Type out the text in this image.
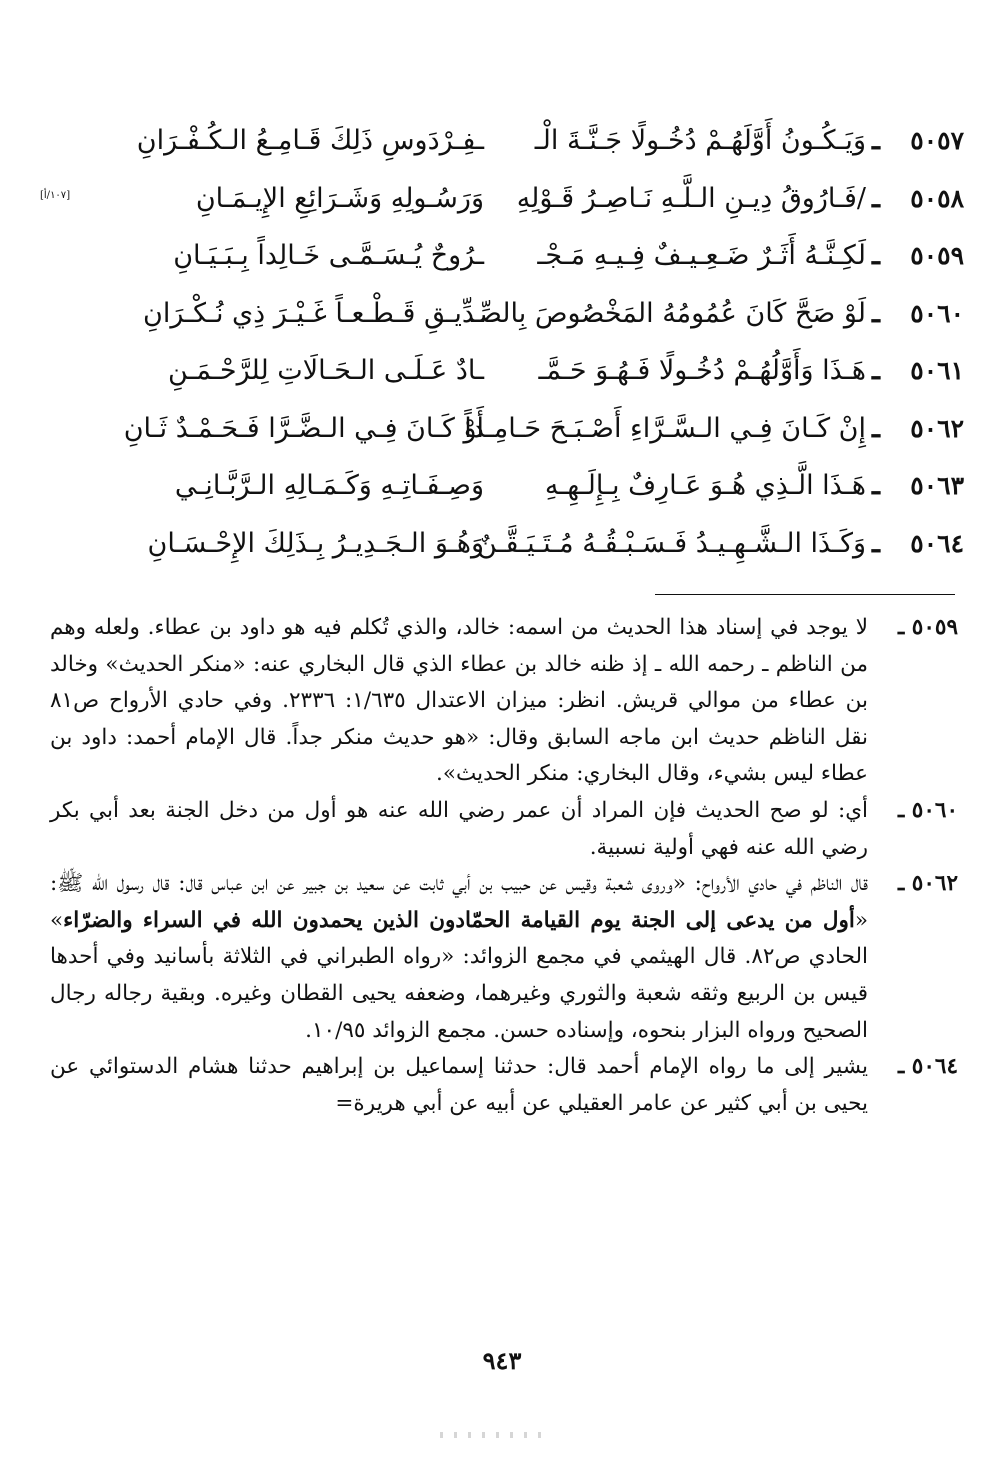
٥٠٥٧
ـ
وَيَـكُـونُ أَوَّلَهُـمْ دُخُـولًا جَـنَّـةَ الْـ
ـفِـرْدَوسِ ذَلِكَ قَـامِـعُ الـكُـفْـرَانِ
٥٠٥٨
ـ
/فَـارُوقُ دِيـنِ الـلَّـهِ نَـاصِـرُ قَـوْلِهِ
وَرَسُـولِهِ وَشَـرَائِعِ الإِيـمَـانِ
٥٠٥٩
ـ
لَكِـنَّـهُ أَثَـرٌ ضَـعِـيـفٌ فِـيـهِ مَـجْـ
ـرُوحٌ يُـسَـمَّـى خَـالِداً بِـبَـيَـانِ
٥٠٦٠
ـ
لَوْ صَحَّ كَانَ عُمُومُهُ المَخْصُوصَ بِالصِّـ
ـدِّيـقِ قَـطْـعـاً غَـيْـرَ ذِي نُـكْـرَانِ
٥٠٦١
ـ
هَـذَا وَأَوَّلُهُـمْ دُخُـولًا فَـهُـوَ حَـمَّـ
ـادٌ عَـلَـى الـحَـالَاتِ لِلرَّحْـمَـنِ
٥٠٦٢
ـ
إِنْ كَـانَ فِـي الـسَّـرَّاءِ أَصْـبَـحَ حَـامِـداً
أَوْ كَـانَ فِـي الـضَّـرَّا فَـحَـمْـدٌ ثَـانِ
٥٠٦٣
ـ
هَـذَا الَّـذِي هُـوَ عَـارِفٌ بِـإِلَـهِـهِ
وَصِـفَـاتِـهِ وَكَـمَـالِهِ الـرَّبَّـانِـي
٥٠٦٤
ـ
وَكَـذَا الـشَّـهِـيـدُ فَـسَـبْـقُـهُ مُـتَـيَـقَّـنٌ
وَهُـوَ الـجَـدِيـرُ بِـذَلِكَ الإِحْـسَـانِ
[١٠٧/أ]
٥٠٥٩ ـ
لا يوجد في إسناد هذا الحديث من اسمه: خالد، والذي تُكلم فيه هو داود بن عطاء. ولعله وهم من الناظم ـ رحمه الله ـ إذ ظنه خالد بن عطاء الذي قال البخاري عنه: «منكر الحديث» وخالد بن عطاء من موالي قريش. انظر: ميزان الاعتدال ١/٦٣٥: ٢٣٣٦. وفي حادي الأرواح ص٨١ نقل الناظم حديث ابن ماجه السابق وقال: «هو حديث منكر جداً. قال الإمام أحمد: داود بن عطاء ليس بشيء، وقال البخاري: منكر الحديث».
٥٠٦٠ ـ
أي: لو صح الحديث فإن المراد أن عمر رضي الله عنه هو أول من دخل الجنة بعد أبي بكر رضي الله عنه فهي أولية نسبية.
٥٠٦٢ ـ
قال الناظم في حادي الأرواح: «وروى شعبة وقيس عن حبيب بن أبي ثابت عن سعيد بن جبير عن ابن عباس قال: قال رسول الله ﷺ: «أول من يدعى إلى الجنة يوم القيامة الحمّادون الذين يحمدون الله في السراء والضرّاء» الحادي ص٨٢. قال الهيثمي في مجمع الزوائد: «رواه الطبراني في الثلاثة بأسانيد وفي أحدها قيس بن الربيع وثقه شعبة والثوري وغيرهما، وضعفه يحيى القطان وغيره. وبقية رجاله رجال الصحيح ورواه البزار بنحوه، وإسناده حسن. مجمع الزوائد ١٠/٩٥.
٥٠٦٤ ـ
يشير إلى ما رواه الإمام أحمد قال: حدثنا إسماعيل بن إبراهيم حدثنا هشام الدستوائي عن يحيى بن أبي كثير عن عامر العقيلي عن أبيه عن أبي هريرة=
٩٤٣
